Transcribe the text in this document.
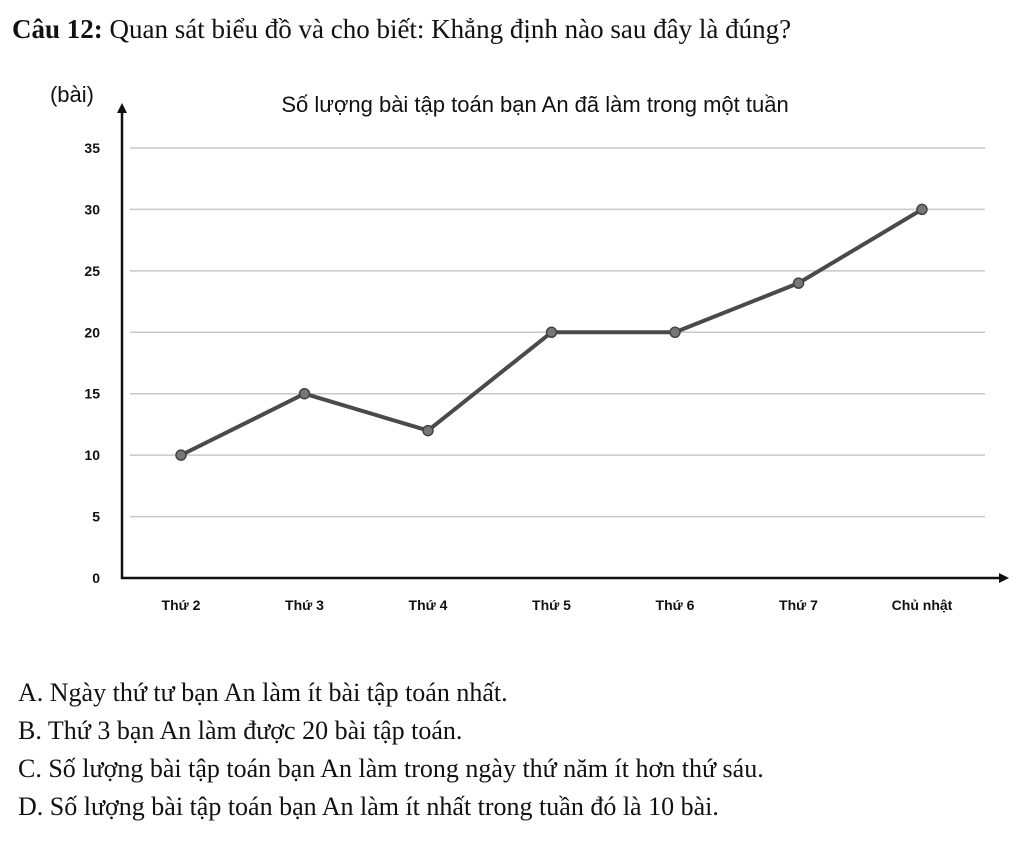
Câu 12: Quan sát biểu đồ và cho biết: Khẳng định nào sau đây là đúng?
0
5
10
15
20
25
30
35
Thứ 2	Thứ 3	Thứ 4	Thứ 5	Thứ 6	Thứ 7	Chủ nhật
Số lượng bài tập toán bạn An đã làm trong một tuần
(bài)
A. Ngày thứ tư bạn An làm ít bài tập toán nhất.
B. Thứ 3 bạn An làm được 20 bài tập toán.
C. Số lượng bài tập toán bạn An làm trong ngày thứ năm ít hơn thứ sáu.
D. Số lượng bài tập toán bạn An làm ít nhất trong tuần đó là 10 bài.
